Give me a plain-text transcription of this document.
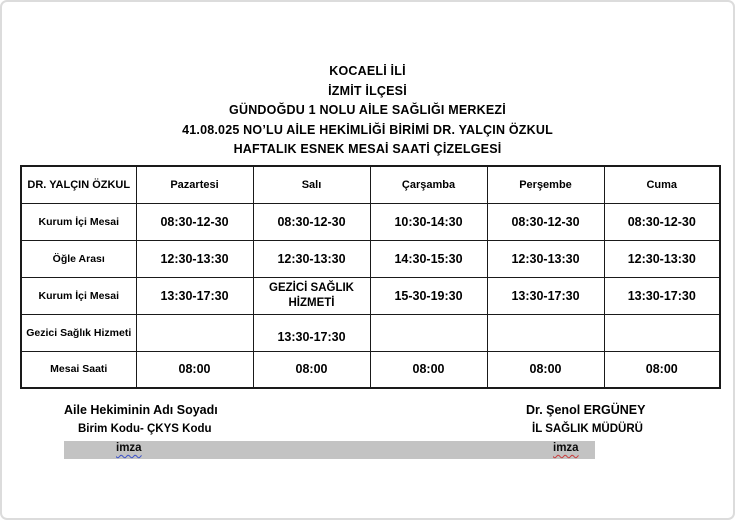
KOCAELİ İLİ
İZMİT İLÇESİ
GÜNDOĞDU 1 NOLU AİLE SAĞLIĞI MERKEZİ
41.08.025 NO’LU AİLE HEKİMLİĞİ BİRİMİ DR. YALÇIN ÖZKUL
HAFTALIK ESNEK MESAİ SAATİ ÇİZELGESİ
DR. YALÇIN ÖZKUL	Pazartesi	Salı	Çarşamba	Perşembe	Cuma
Kurum İçi Mesai	08:30-12-30	08:30-12-30	10:30-14:30	08:30-12-30	08:30-12-30
Öğle Arası	12:30-13:30	12:30-13:30	14:30-15:30	12:30-13:30	12:30-13:30
Kurum İçi Mesai	13:30-17:30	GEZİCİ SAĞLIK HİZMETİ	15-30-19:30	13:30-17:30	13:30-17:30
Gezici Sağlık Hizmeti		13:30-17:30			
Mesai Saati	08:00	08:00	08:00	08:00	08:00
Aile Hekiminin Adı Soyadı
Birim Kodu- ÇKYS Kodu
Dr. Şenol ERGÜNEY
İL SAĞLIK MÜDÜRÜ
imza	imza
